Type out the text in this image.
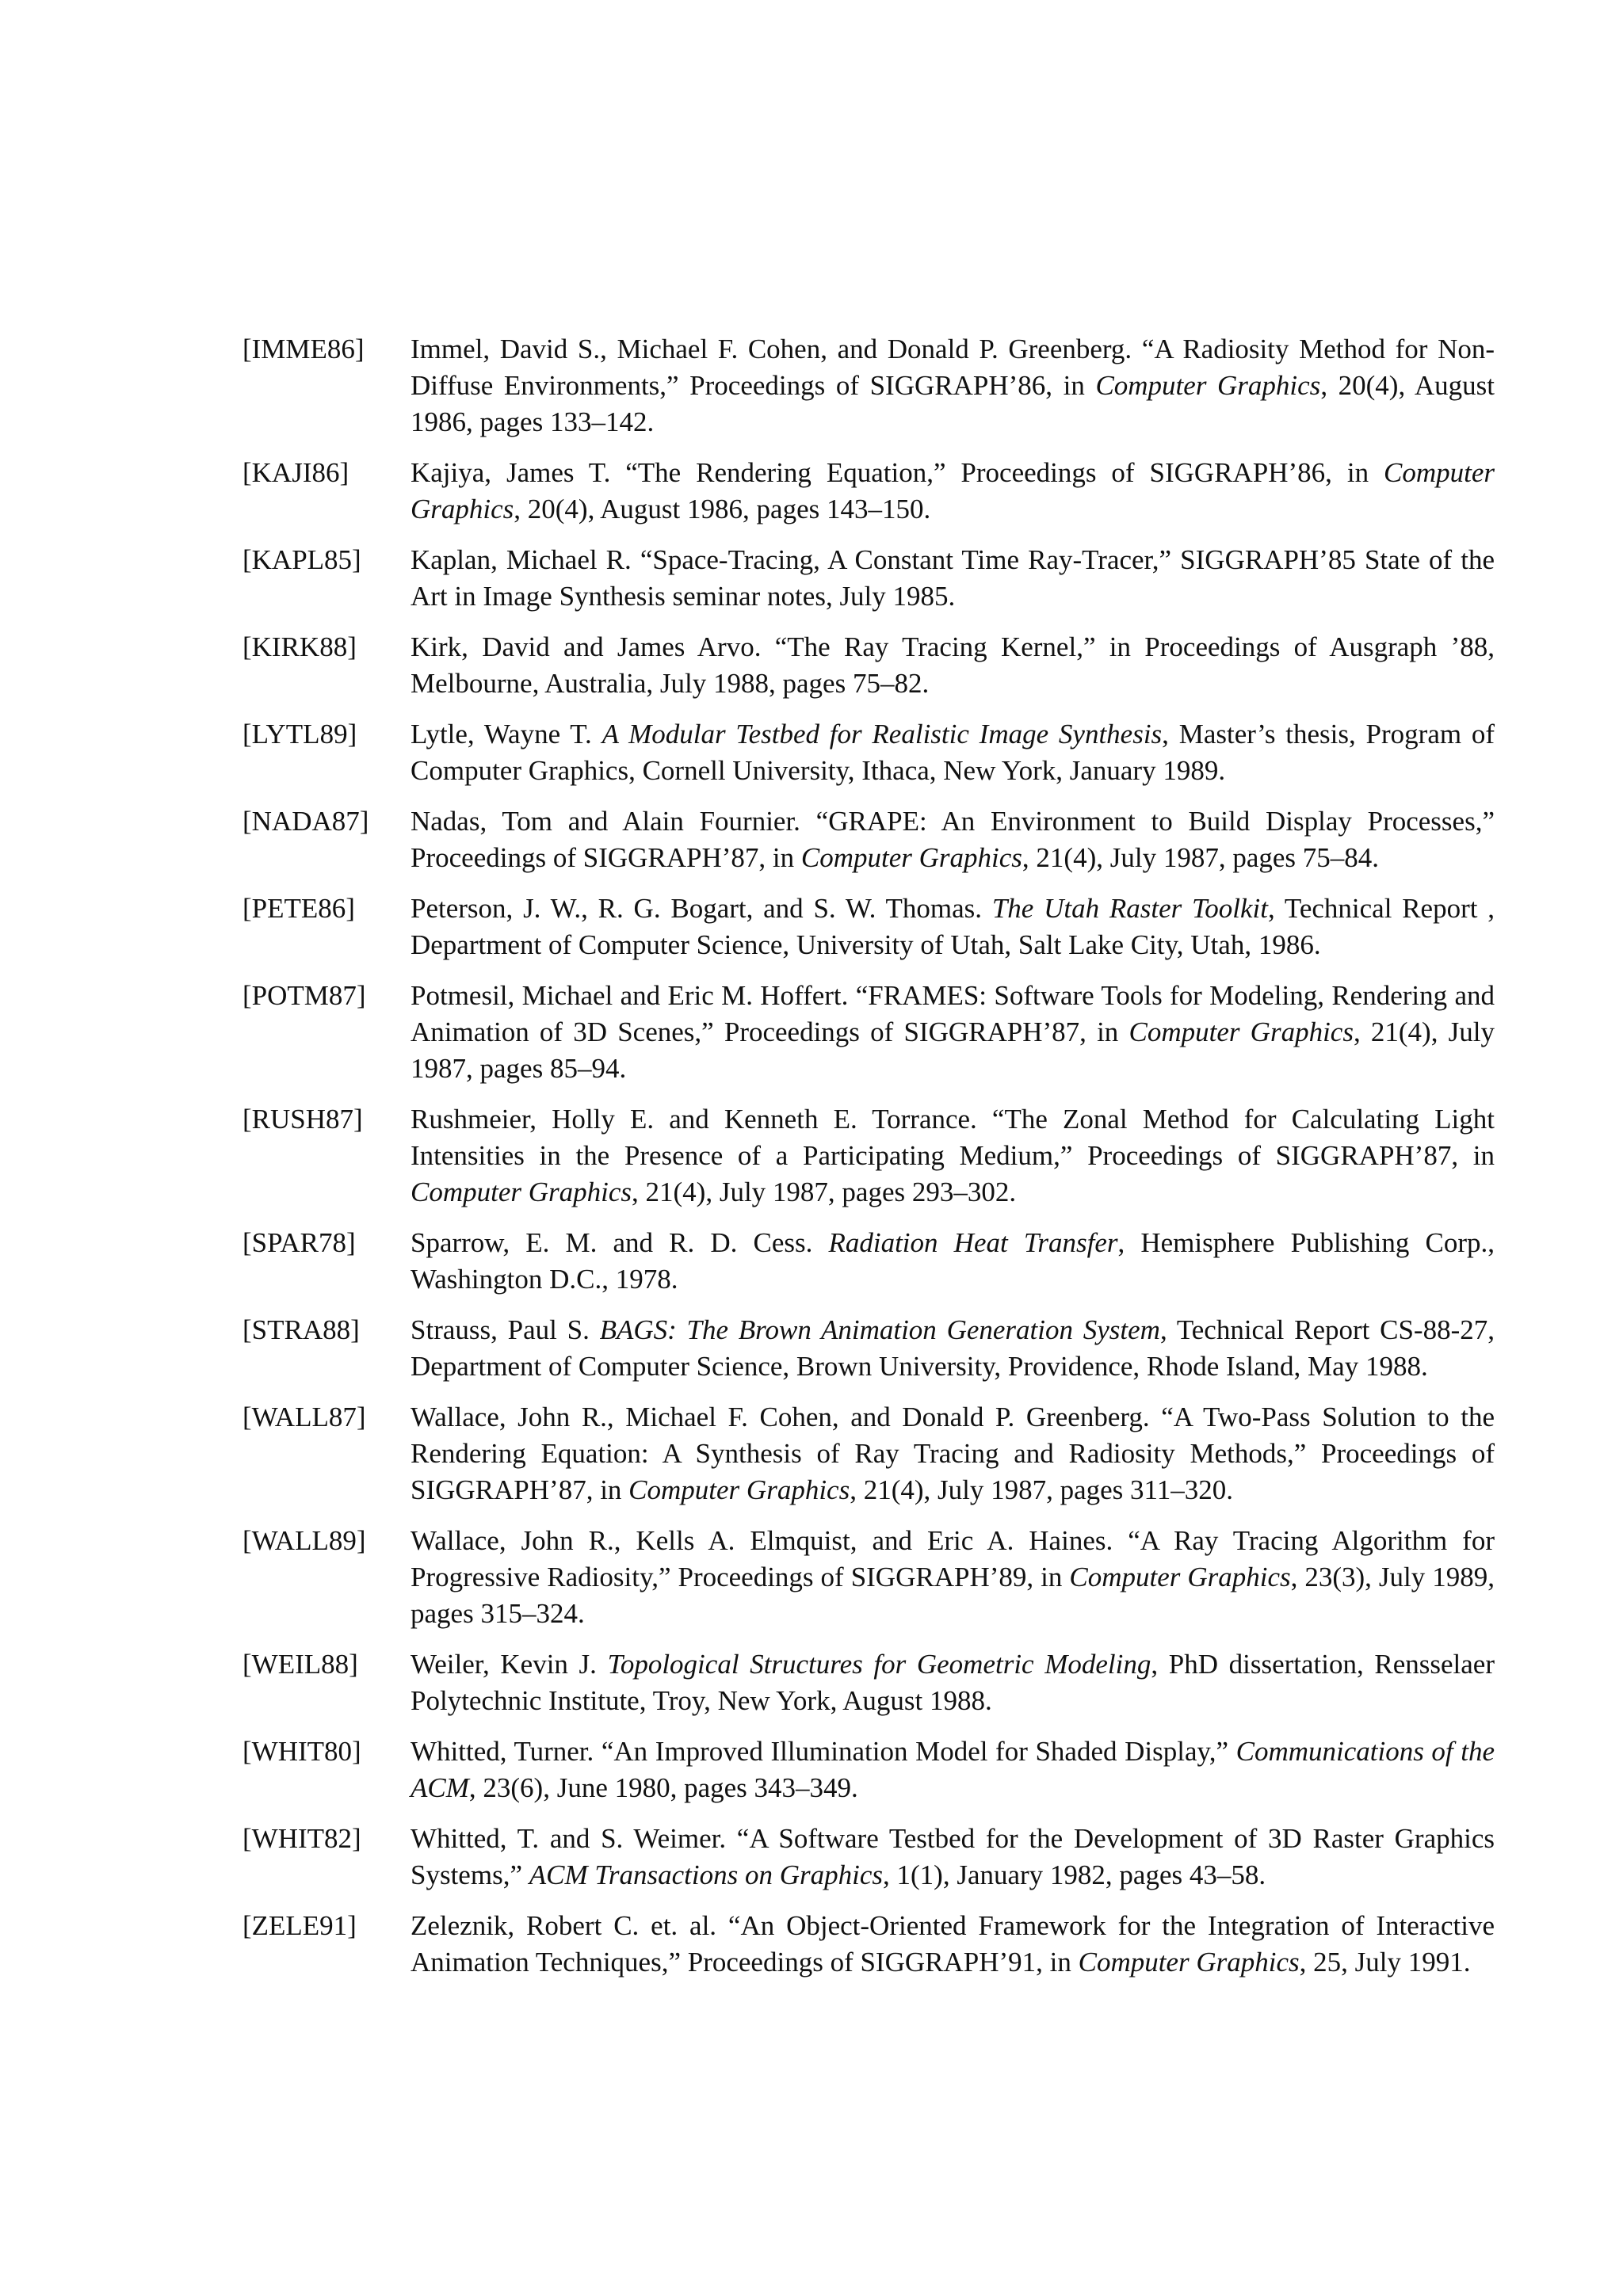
[IMME86] Immel, David S., Michael F. Cohen, and Donald P. Greenberg. “A Radiosity Method for Non-Diffuse Environments,” Proceedings of SIGGRAPH’86, in Computer Graphics, 20(4), August 1986, pages 133–142.
[KAJI86] Kajiya, James T. “The Rendering Equation,” Proceedings of SIGGRAPH’86, in Computer Graphics, 20(4), August 1986, pages 143–150.
[KAPL85] Kaplan, Michael R. “Space-Tracing, A Constant Time Ray-Tracer,” SIGGRAPH’85 State of the Art in Image Synthesis seminar notes, July 1985.
[KIRK88] Kirk, David and James Arvo. “The Ray Tracing Kernel,” in Proceedings of Ausgraph ’88, Melbourne, Australia, July 1988, pages 75–82.
[LYTL89] Lytle, Wayne T. A Modular Testbed for Realistic Image Synthesis, Master’s thesis, Program of Computer Graphics, Cornell University, Ithaca, New York, January 1989.
[NADA87] Nadas, Tom and Alain Fournier. “GRAPE: An Environment to Build Display Processes,” Proceedings of SIGGRAPH’87, in Computer Graphics, 21(4), July 1987, pages 75–84.
[PETE86] Peterson, J. W., R. G. Bogart, and S. W. Thomas. The Utah Raster Toolkit, Technical Report , Department of Computer Science, University of Utah, Salt Lake City, Utah, 1986.
[POTM87] Potmesil, Michael and Eric M. Hoffert. “FRAMES: Software Tools for Modeling, Rendering and Animation of 3D Scenes,” Proceedings of SIGGRAPH’87, in Computer Graphics, 21(4), July 1987, pages 85–94.
[RUSH87] Rushmeier, Holly E. and Kenneth E. Torrance. “The Zonal Method for Calculating Light Intensities in the Presence of a Participating Medium,” Proceedings of SIGGRAPH’87, in Computer Graphics, 21(4), July 1987, pages 293–302.
[SPAR78] Sparrow, E. M. and R. D. Cess. Radiation Heat Transfer, Hemisphere Publishing Corp., Washington D.C., 1978.
[STRA88] Strauss, Paul S. BAGS: The Brown Animation Generation System, Technical Report CS-88-27, Department of Computer Science, Brown University, Providence, Rhode Island, May 1988.
[WALL87] Wallace, John R., Michael F. Cohen, and Donald P. Greenberg. “A Two-Pass Solution to the Rendering Equation: A Synthesis of Ray Tracing and Radiosity Methods,” Proceedings of SIGGRAPH’87, in Computer Graphics, 21(4), July 1987, pages 311–320.
[WALL89] Wallace, John R., Kells A. Elmquist, and Eric A. Haines. “A Ray Tracing Algorithm for Progressive Radiosity,” Proceedings of SIGGRAPH’89, in Computer Graphics, 23(3), July 1989, pages 315–324.
[WEIL88] Weiler, Kevin J. Topological Structures for Geometric Modeling, PhD dissertation, Rensselaer Polytechnic Institute, Troy, New York, August 1988.
[WHIT80] Whitted, Turner. “An Improved Illumination Model for Shaded Display,” Communications of the ACM, 23(6), June 1980, pages 343–349.
[WHIT82] Whitted, T. and S. Weimer. “A Software Testbed for the Development of 3D Raster Graphics Systems,” ACM Transactions on Graphics, 1(1), January 1982, pages 43–58.
[ZELE91] Zeleznik, Robert C. et. al. “An Object-Oriented Framework for the Integration of Interactive Animation Techniques,” Proceedings of SIGGRAPH’91, in Computer Graphics, 25, July 1991.
